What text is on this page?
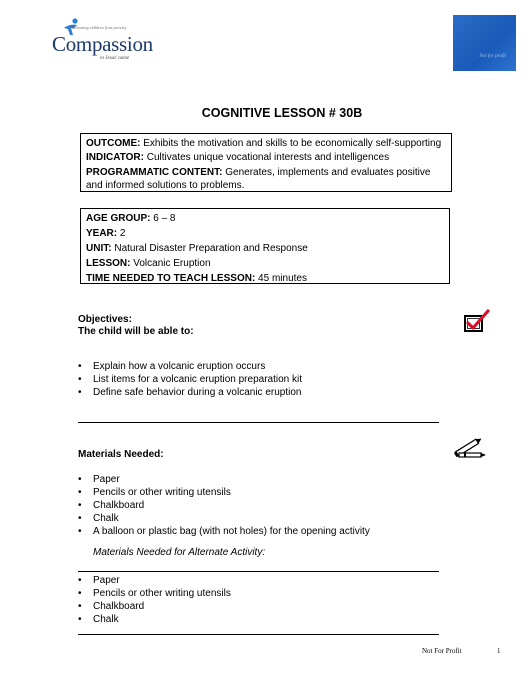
Releasing children from poverty
Compassion
in Jesus' name	Not for profit
COGNITIVE LESSON # 30B

OUTCOME: Exhibits the motivation and skills to be economically self-supporting

INDICATOR: Cultivates unique vocational interests and intelligences

PROGRAMMATIC CONTENT: Generates, implements and evaluates positive and informed solutions to problems.

AGE GROUP: 6 – 8

YEAR: 2

UNIT: Natural Disaster Preparation and Response

LESSON: Volcanic Eruption

TIME NEEDED TO TEACH LESSON: 45 minutes

Objectives:
The child will be able to:
• Explain how a volcanic eruption occurs
• List items for a volcanic eruption preparation kit
• Define safe behavior during a volcanic eruption
Materials Needed:
• Paper
• Pencils or other writing utensils
• Chalkboard
• Chalk
• A balloon or plastic bag (with not holes) for the opening activity
Materials Needed for Alternate Activity:
• Paper
• Pencils or other writing utensils
• Chalkboard
• Chalk
Not For Profit	1
